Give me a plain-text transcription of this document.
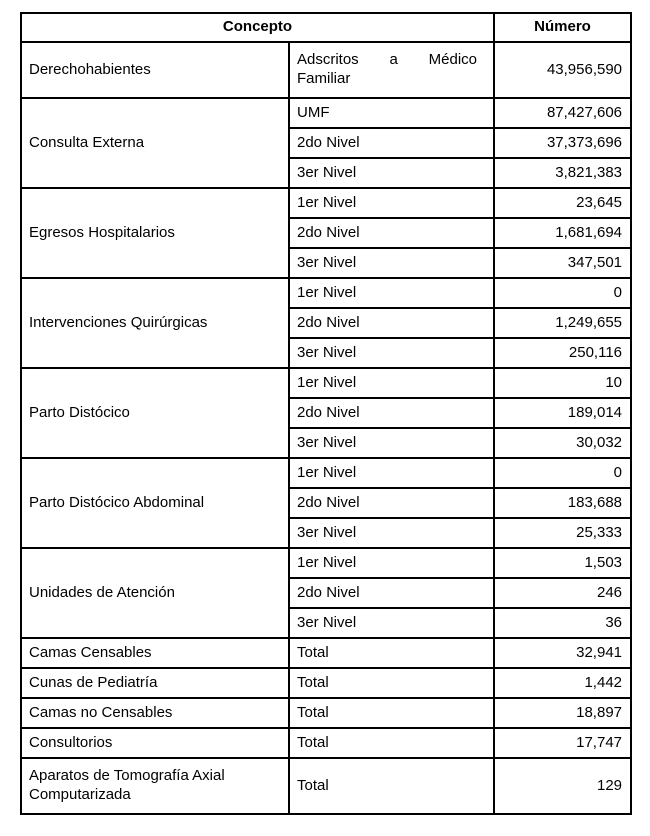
Concepto		Número
Derechohabientes	Adscritos a Médico Familiar	43,956,590
Consulta Externa	UMF	87,427,606
	2do Nivel	37,373,696
	3er Nivel	3,821,383
Egresos Hospitalarios	1er Nivel	23,645
	2do Nivel	1,681,694
	3er Nivel	347,501
Intervenciones Quirúrgicas	1er Nivel	0
	2do Nivel	1,249,655
	3er Nivel	250,116
Parto Distócico	1er Nivel	10
	2do Nivel	189,014
	3er Nivel	30,032
Parto Distócico Abdominal	1er Nivel	0
	2do Nivel	183,688
	3er Nivel	25,333
Unidades de Atención	1er Nivel	1,503
	2do Nivel	246
	3er Nivel	36
Camas Censables	Total	32,941
Cunas de Pediatría	Total	1,442
Camas no Censables	Total	18,897
Consultorios	Total	17,747
Aparatos de Tomografía Axial Computarizada	Total	129
